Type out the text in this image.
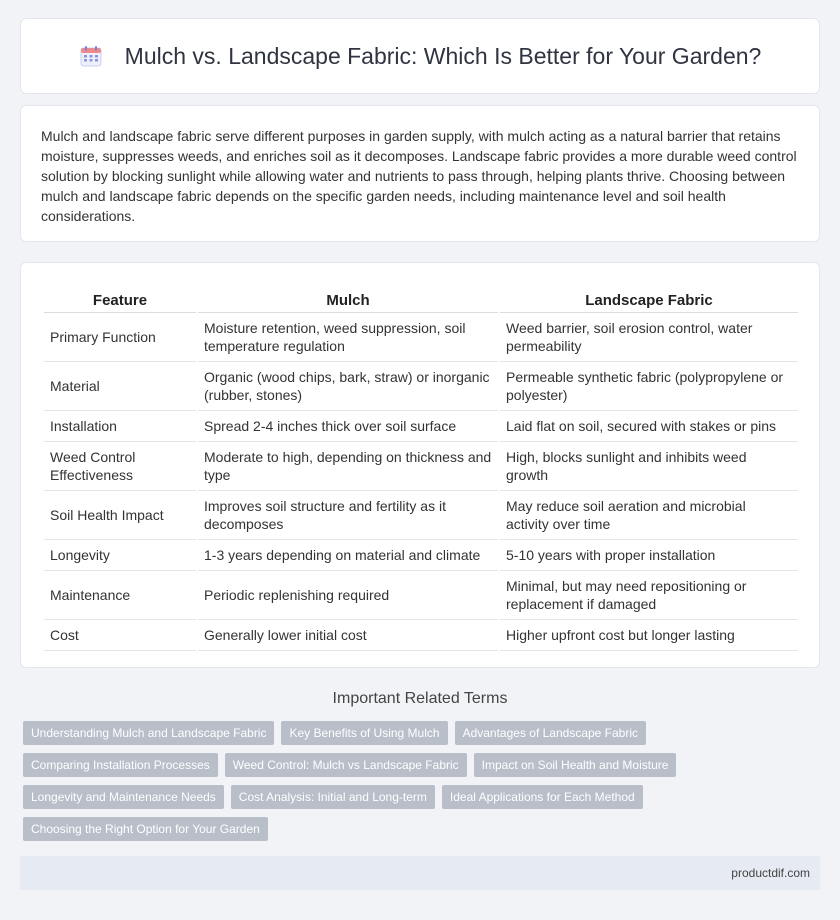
Mulch vs. Landscape Fabric: Which Is Better for Your Garden?

Mulch and landscape fabric serve different purposes in garden supply, with mulch acting as a natural barrier that retains moisture, suppresses weeds, and enriches soil as it decomposes. Landscape fabric provides a more durable weed control solution by blocking sunlight while allowing water and nutrients to pass through, helping plants thrive. Choosing between mulch and landscape fabric depends on the specific garden needs, including maintenance level and soil health considerations.

Feature	Mulch	Landscape Fabric
Primary Function	Moisture retention, weed suppression, soil temperature regulation	Weed barrier, soil erosion control, water permeability
Material	Organic (wood chips, bark, straw) or inorganic (rubber, stones)	Permeable synthetic fabric (polypropylene or polyester)
Installation	Spread 2-4 inches thick over soil surface	Laid flat on soil, secured with stakes or pins
Weed Control Effectiveness	Moderate to high, depending on thickness and type	High, blocks sunlight and inhibits weed growth
Soil Health Impact	Improves soil structure and fertility as it decomposes	May reduce soil aeration and microbial activity over time
Longevity	1-3 years depending on material and climate	5-10 years with proper installation
Maintenance	Periodic replenishing required	Minimal, but may need repositioning or replacement if damaged
Cost	Generally lower initial cost	Higher upfront cost but longer lasting
Important Related Terms
Understanding Mulch and Landscape Fabric	Key Benefits of Using Mulch	Advantages of Landscape Fabric
Comparing Installation Processes	Weed Control: Mulch vs Landscape Fabric	Impact on Soil Health and Moisture
Longevity and Maintenance Needs	Cost Analysis: Initial and Long-term	Ideal Applications for Each Method
Choosing the Right Option for Your Garden
productdif.com
